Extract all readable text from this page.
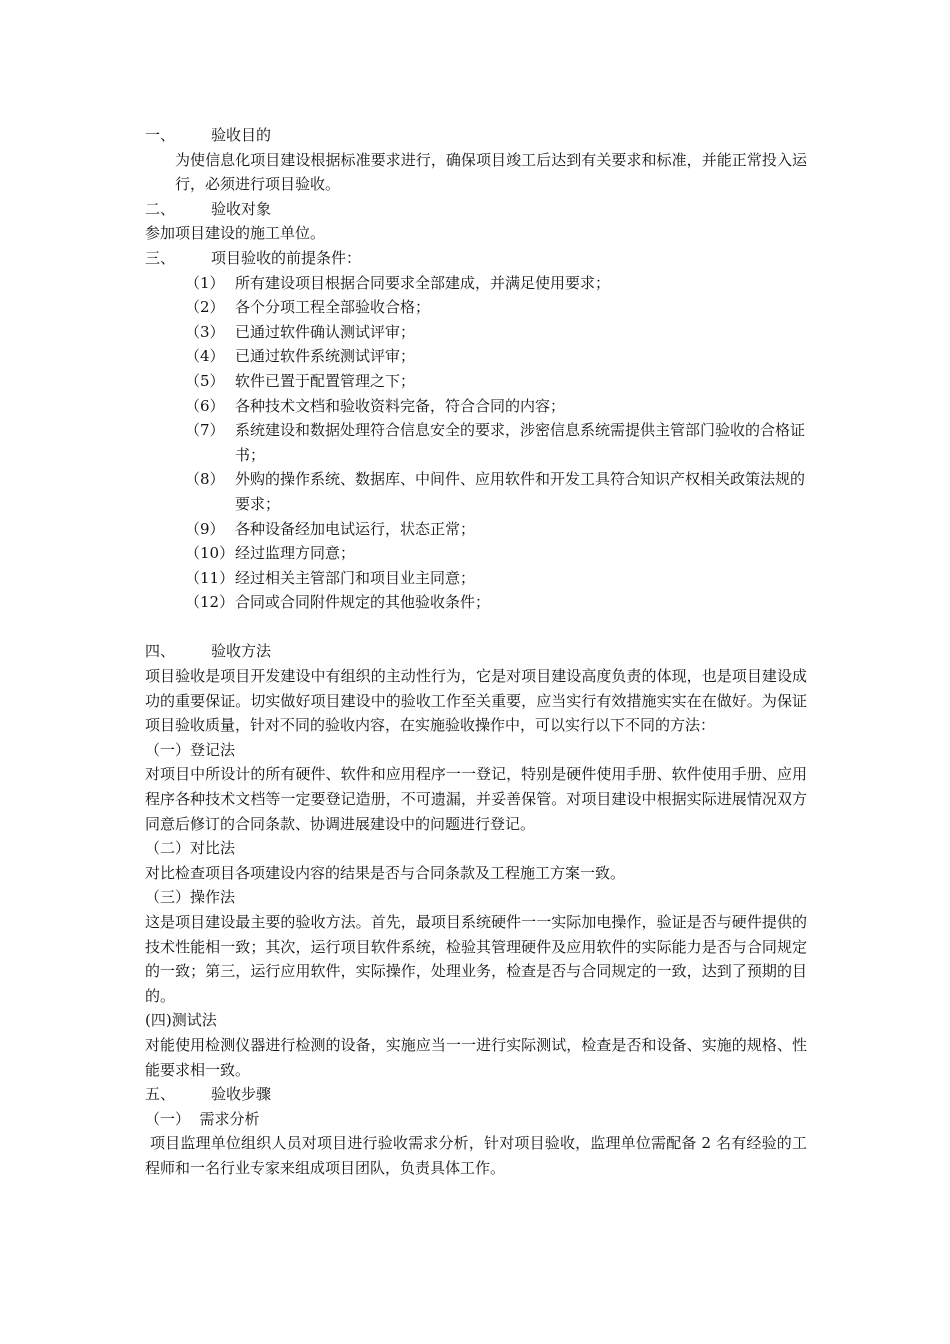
一、	验收目的
为使信息化项目建设根据标准要求进行，确保项目竣工后达到有关要求和标准，并能正常投入运行，必须进行项目验收。
二、	验收对象
参加项目建设的施工单位。
三、	项目验收的前提条件：
（1） 所有建设项目根据合同要求全部建成，并满足使用要求；
（2） 各个分项工程全部验收合格；
（3） 已通过软件确认测试评审；
（4） 已通过软件系统测试评审；
（5） 软件已置于配置管理之下；
（6） 各种技术文档和验收资料完备，符合合同的内容；
（7） 系统建设和数据处理符合信息安全的要求，涉密信息系统需提供主管部门验收的合格证书；
（8） 外购的操作系统、数据库、中间件、应用软件和开发工具符合知识产权相关政策法规的要求；
（9） 各种设备经加电试运行，状态正常；
（10） 经过监理方同意；
（11） 经过相关主管部门和项目业主同意；
（12） 合同或合同附件规定的其他验收条件；
四、	验收方法
项目验收是项目开发建设中有组织的主动性行为，它是对项目建设高度负责的体现，也是项目建设成功的重要保证。切实做好项目建设中的验收工作至关重要，应当实行有效措施实实在在做好。为保证项目验收质量，针对不同的验收内容，在实施验收操作中，可以实行以下不同的方法：
（一）登记法
对项目中所设计的所有硬件、软件和应用程序一一登记，特别是硬件使用手册、软件使用手册、应用程序各种技术文档等一定要登记造册，不可遗漏，并妥善保管。对项目建设中根据实际进展情况双方同意后修订的合同条款、协调进展建设中的问题进行登记。
（二）对比法
对比检查项目各项建设内容的结果是否与合同条款及工程施工方案一致。
（三）操作法
这是项目建设最主要的验收方法。首先，最项目系统硬件一一实际加电操作，验证是否与硬件提供的技术性能相一致；其次，运行项目软件系统，检验其管理硬件及应用软件的实际能力是否与合同规定的一致；第三，运行应用软件，实际操作，处理业务，检查是否与合同规定的一致，达到了预期的目的。
(四)测试法
对能使用检测仪器进行检测的设备，实施应当一一进行实际测试，检查是否和设备、实施的规格、性能要求相一致。
五、	验收步骤
（一）  需求分析
项目监理单位组织人员对项目进行验收需求分析，针对项目验收，监理单位需配备 2 名有经验的工程师和一名行业专家来组成项目团队，负责具体工作。
